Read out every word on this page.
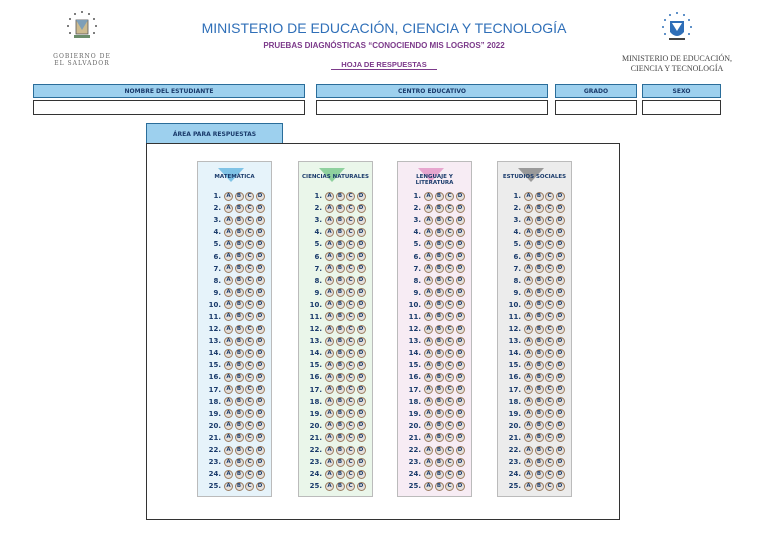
GOBIERNO DE EL SALVADOR
MINISTERIO DE EDUCACIÓN, CIENCIA Y TECNOLOGÍA
PRUEBAS DIAGNÓSTICAS “CONOCIENDO MIS LOGROS” 2022
HOJA DE RESPUESTAS
MINISTERIO DE EDUCACIÓN,
CIENCIA Y TECNOLOGÍA
NOMBRE DEL ESTUDIANTE	CENTRO EDUCATIVO	GRADO	SEXO
ÁREA PARA RESPUESTAS
MATEMÁTICA
1. A	B	C	D
2. A	B	C	D
3. A	B	C	D
4. A	B	C	D
5. A	B	C	D
6. A	B	C	D
7. A	B	C	D
8. A	B	C	D
9. A	B	C	D
10. A	B	C	D
11. A	B	C	D
12. A	B	C	D
13. A	B	C	D
14. A	B	C	D
15. A	B	C	D
16. A	B	C	D
17. A	B	C	D
18. A	B	C	D
19. A	B	C	D
20. A	B	C	D
21. A	B	C	D
22. A	B	C	D
23. A	B	C	D
24. A	B	C	D
25. A	B	C	D
CIENCIAS NATURALES
1. A	B	C	D
2. A	B	C	D
3. A	B	C	D
4. A	B	C	D
5. A	B	C	D
6. A	B	C	D
7. A	B	C	D
8. A	B	C	D
9. A	B	C	D
10. A	B	C	D
11. A	B	C	D
12. A	B	C	D
13. A	B	C	D
14. A	B	C	D
15. A	B	C	D
16. A	B	C	D
17. A	B	C	D
18. A	B	C	D
19. A	B	C	D
20. A	B	C	D
21. A	B	C	D
22. A	B	C	D
23. A	B	C	D
24. A	B	C	D
25. A	B	C	D
LENGUAJE Y LITERATURA
1. A	B	C	D
2. A	B	C	D
3. A	B	C	D
4. A	B	C	D
5. A	B	C	D
6. A	B	C	D
7. A	B	C	D
8. A	B	C	D
9. A	B	C	D
10. A	B	C	D
11. A	B	C	D
12. A	B	C	D
13. A	B	C	D
14. A	B	C	D
15. A	B	C	D
16. A	B	C	D
17. A	B	C	D
18. A	B	C	D
19. A	B	C	D
20. A	B	C	D
21. A	B	C	D
22. A	B	C	D
23. A	B	C	D
24. A	B	C	D
25. A	B	C	D
ESTUDIOS SOCIALES
1. A	B	C	D
2. A	B	C	D
3. A	B	C	D
4. A	B	C	D
5. A	B	C	D
6. A	B	C	D
7. A	B	C	D
8. A	B	C	D
9. A	B	C	D
10. A	B	C	D
11. A	B	C	D
12. A	B	C	D
13. A	B	C	D
14. A	B	C	D
15. A	B	C	D
16. A	B	C	D
17. A	B	C	D
18. A	B	C	D
19. A	B	C	D
20. A	B	C	D
21. A	B	C	D
22. A	B	C	D
23. A	B	C	D
24. A	B	C	D
25. A	B	C	D
